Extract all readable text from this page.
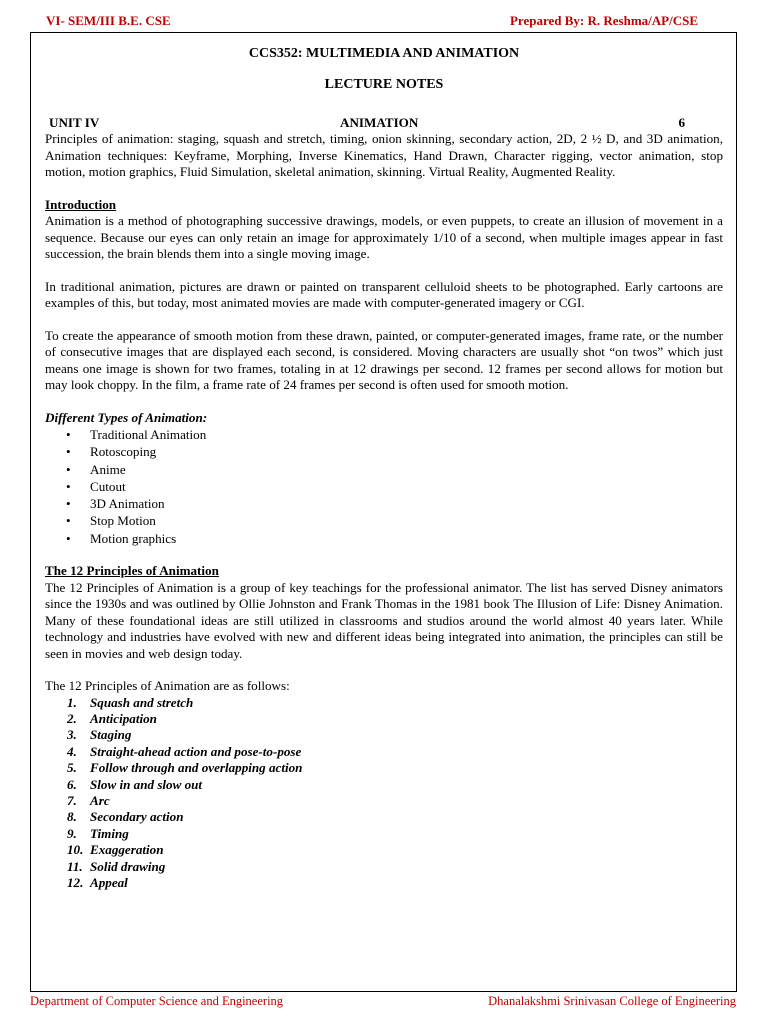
VI- SEM/III B.E. CSE	Prepared By: R. Reshma/AP/CSE
CCS352: MULTIMEDIA AND ANIMATION
LECTURE NOTES
UNIT IV	ANIMATION	6

Principles of animation: staging, squash and stretch, timing, onion skinning, secondary action, 2D, 2 ½ D, and 3D animation, Animation techniques: Keyframe, Morphing, Inverse Kinematics, Hand Drawn, Character rigging, vector animation, stop motion, motion graphics, Fluid Simulation, skeletal animation, skinning. Virtual Reality, Augmented Reality.

Introduction

Animation is a method of photographing successive drawings, models, or even puppets, to create an illusion of movement in a sequence. Because our eyes can only retain an image for approximately 1/10 of a second, when multiple images appear in fast succession, the brain blends them into a single moving image.

In traditional animation, pictures are drawn or painted on transparent celluloid sheets to be photographed. Early cartoons are examples of this, but today, most animated movies are made with computer-generated imagery or CGI.

To create the appearance of smooth motion from these drawn, painted, or computer-generated images, frame rate, or the number of consecutive images that are displayed each second, is considered. Moving characters are usually shot “on twos” which just means one image is shown for two frames, totaling in at 12 drawings per second. 12 frames per second allows for motion but may look choppy. In the film, a frame rate of 24 frames per second is often used for smooth motion.

Different Types of Animation:
• Traditional Animation
• Rotoscoping
• Anime
• Cutout
• 3D Animation
• Stop Motion
• Motion graphics
The 12 Principles of Animation

The 12 Principles of Animation is a group of key teachings for the professional animator. The list has served Disney animators since the 1930s and was outlined by Ollie Johnston and Frank Thomas in the 1981 book The Illusion of Life: Disney Animation. Many of these foundational ideas are still utilized in classrooms and studios around the world almost 40 years later. While technology and industries have evolved with new and different ideas being integrated into animation, the principles can still be seen in movies and web design today.

The 12 Principles of Animation are as follows:

1. Squash and stretch
2. Anticipation
3. Staging
4. Straight-ahead action and pose-to-pose
5. Follow through and overlapping action
6. Slow in and slow out
7. Arc
8. Secondary action
9. Timing
10. Exaggeration
11. Solid drawing
12. Appeal
Department of Computer Science and Engineering	Dhanalakshmi Srinivasan College of Engineering
